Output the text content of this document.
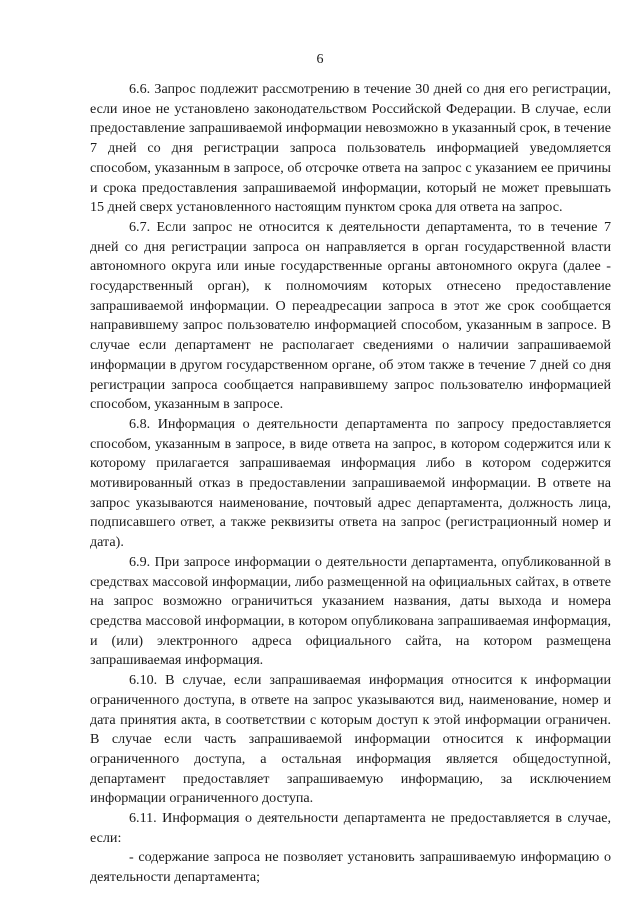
6

6.6. Запрос подлежит рассмотрению в течение 30 дней со дня его регистрации, если иное не установлено законодательством Российской Федерации. В случае, если предоставление запрашиваемой информации невозможно в указанный срок, в течение 7 дней со дня регистрации запроса пользователь информацией уведомляется способом, указанным в запросе, об отсрочке ответа на запрос с указанием ее причины и срока предоставления запрашиваемой информации, который не может превышать 15 дней сверх установленного настоящим пунктом срока для ответа на запрос.

6.7. Если запрос не относится к деятельности департамента, то в течение 7 дней со дня регистрации запроса он направляется в орган государственной власти автономного округа или иные государственные органы автономного округа (далее - государственный орган), к полномочиям которых отнесено предоставление запрашиваемой информации. О переадресации запроса в этот же срок сообщается направившему запрос пользователю информацией способом, указанным в запросе. В случае если департамент не располагает сведениями о наличии запрашиваемой информации в другом государственном органе, об этом также в течение 7 дней со дня регистрации запроса сообщается направившему запрос пользователю информацией способом, указанным в запросе.

6.8. Информация о деятельности департамента по запросу предоставляется способом, указанным в запросе, в виде ответа на запрос, в котором содержится или к которому прилагается запрашиваемая информация либо в котором содержится мотивированный отказ в предоставлении запрашиваемой информации. В ответе на запрос указываются наименование, почтовый адрес департамента, должность лица, подписавшего ответ, а также реквизиты ответа на запрос (регистрационный номер и дата).

6.9. При запросе информации о деятельности департамента, опубликованной в средствах массовой информации, либо размещенной на официальных сайтах, в ответе на запрос возможно ограничиться указанием названия, даты выхода и номера средства массовой информации, в котором опубликована запрашиваемая информация, и (или) электронного адреса официального сайта, на котором размещена запрашиваемая информация.

6.10. В случае, если запрашиваемая информация относится к информации ограниченного доступа, в ответе на запрос указываются вид, наименование, номер и дата принятия акта, в соответствии с которым доступ к этой информации ограничен. В случае если часть запрашиваемой информации относится к информации ограниченного доступа, а остальная информация является общедоступной, департамент предоставляет запрашиваемую информацию, за исключением информации ограниченного доступа.

6.11. Информация о деятельности департамента не предоставляется в случае, если:

- содержание запроса не позволяет установить запрашиваемую информацию о деятельности департамента;
